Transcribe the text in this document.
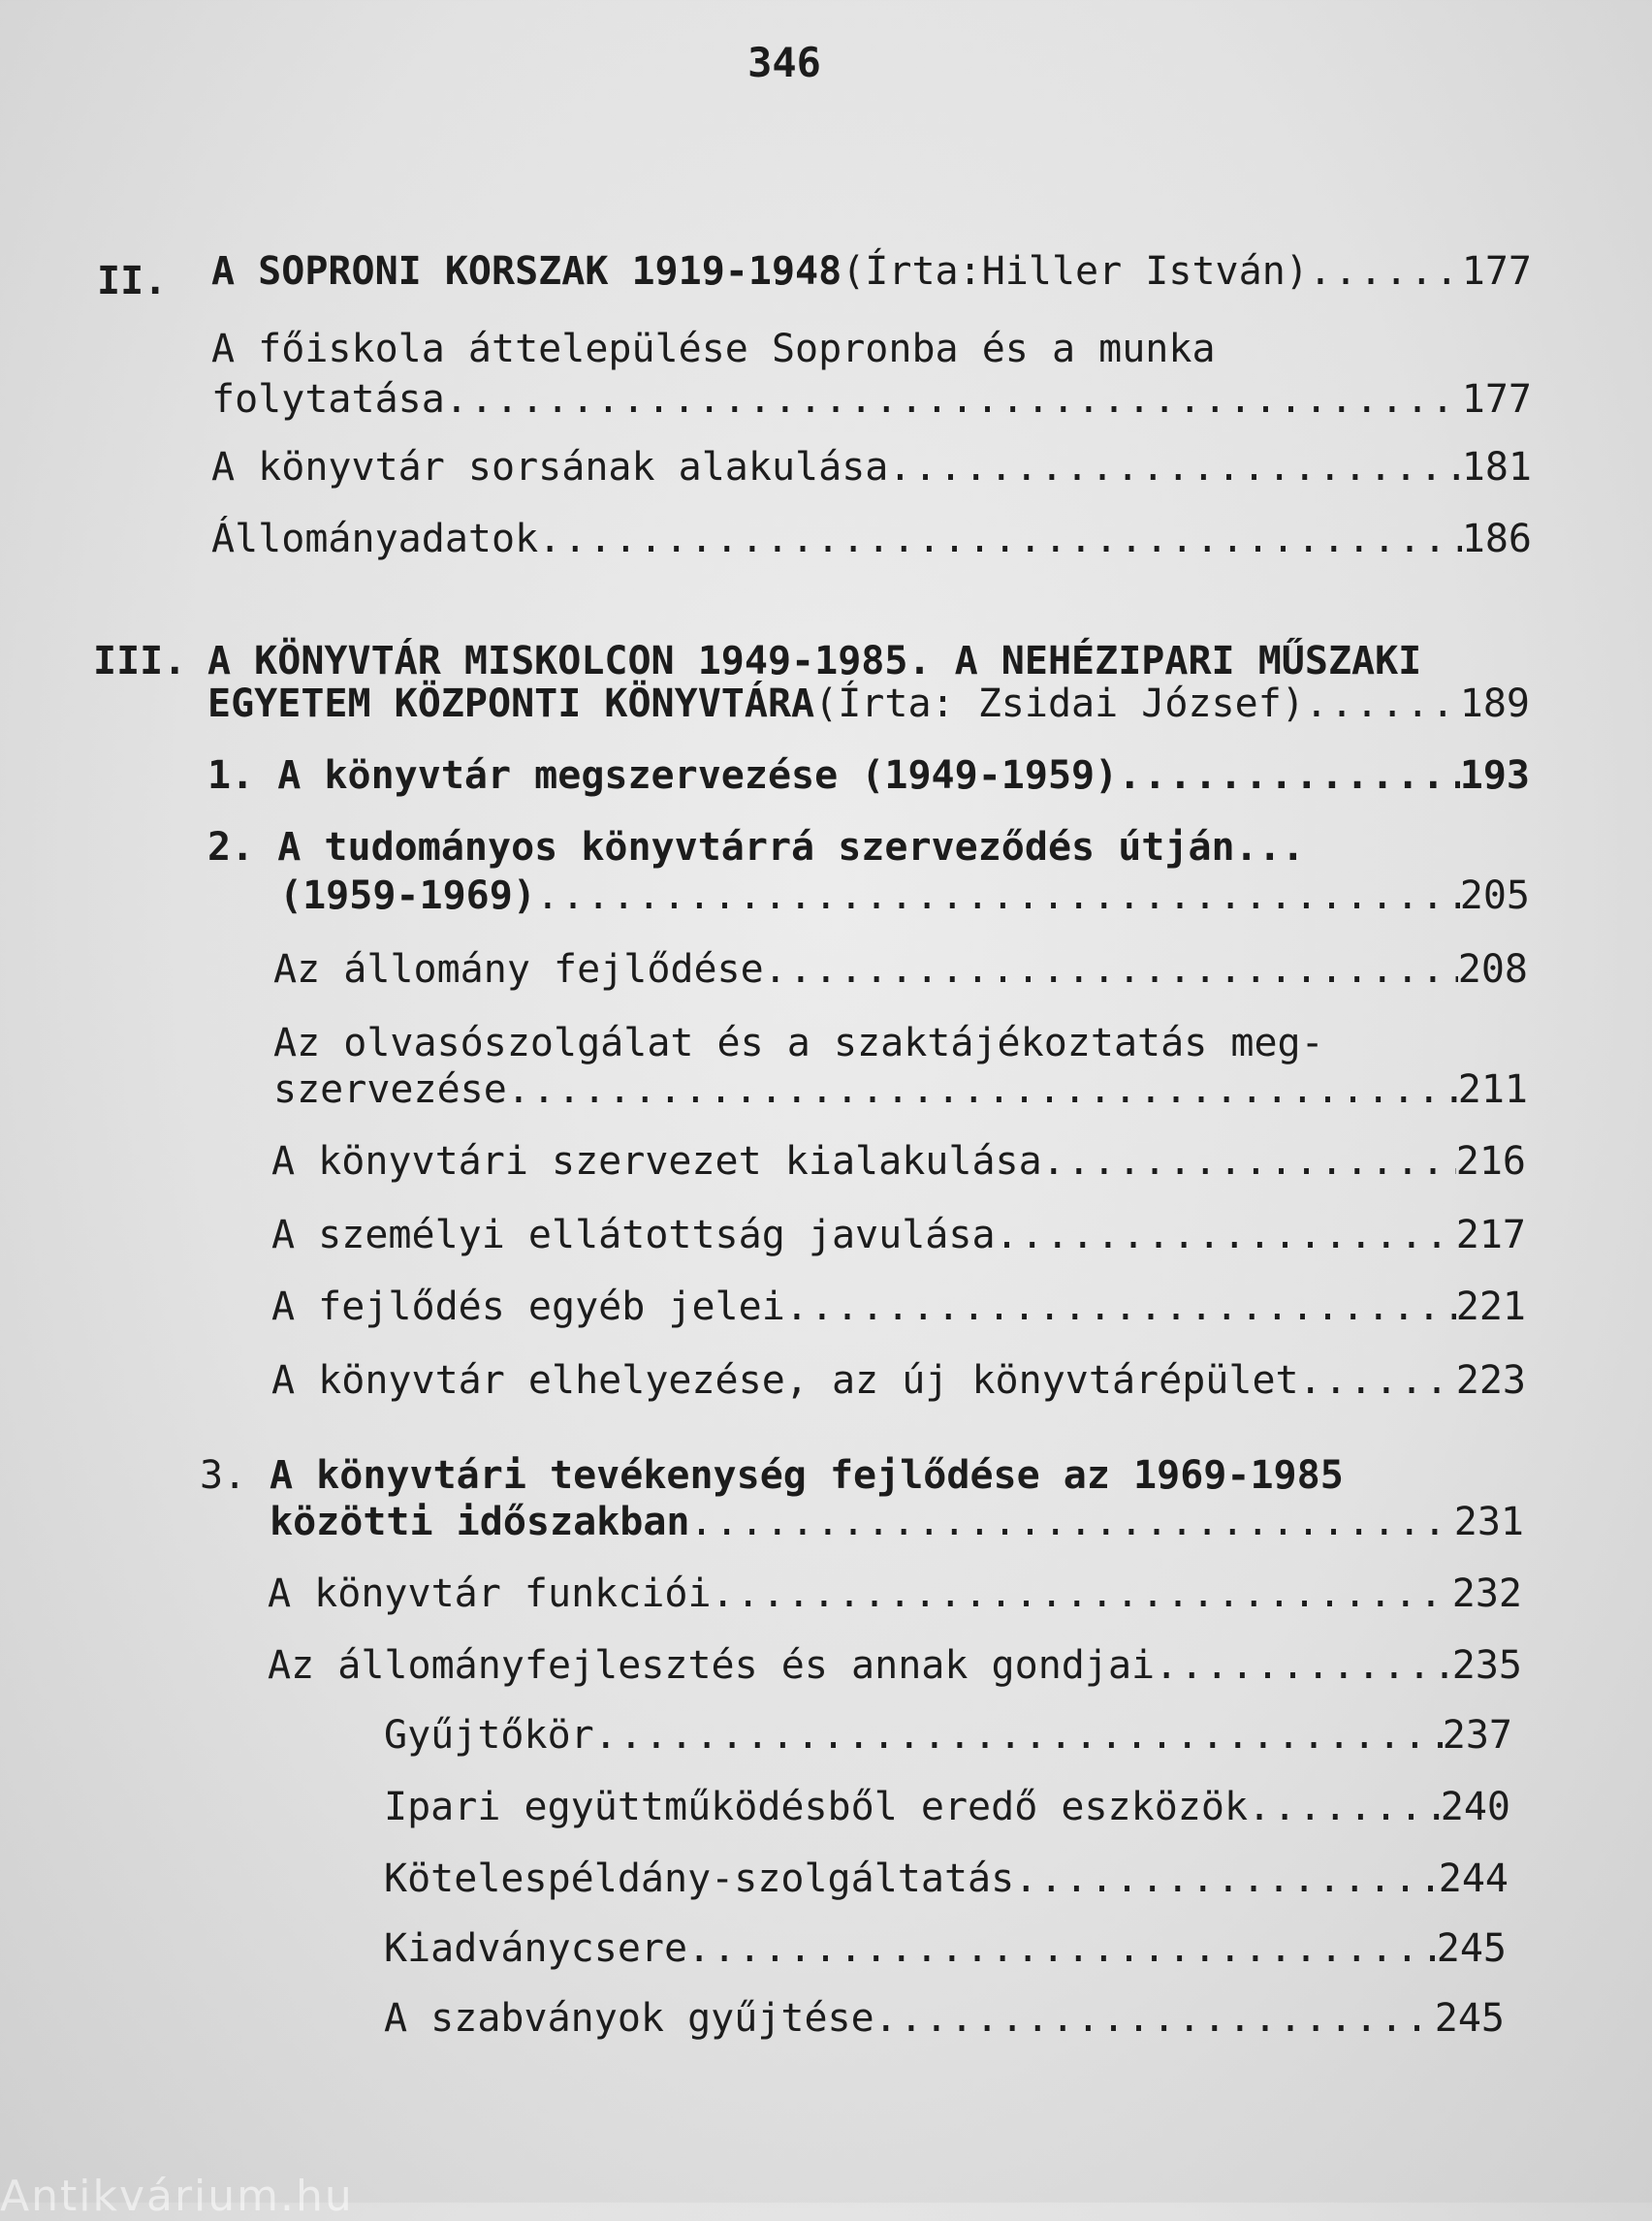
346
II. A SOPRONI KORSZAK 1919-1948 (Írta:Hiller István) .....	177
A főiskola áttelepülése Sopronba és a munka
folytatása .....	177
A könyvtár sorsának alakulása .....	181
Állományadatok .....	186
III. A KÖNYVTÁR MISKOLCON 1949-1985. A NEHÉZIPARI MŰSZAKI
EGYETEM KÖZPONTI KÖNYVTÁRA (Írta: Zsidai József) .....	189
1. A könyvtár megszervezése (1949-1959) .....	193
2. A tudományos könyvtárrá szerveződés útján...
(1959-1969) .....	205
Az állomány fejlődése .....	208
Az olvasószolgálat és a szaktájékoztatás meg-
szervezése .....	211
A könyvtári szervezet kialakulása .....	216
A személyi ellátottság javulása .....	217
A fejlődés egyéb jelei .....	221
A könyvtár elhelyezése, az új könyvtárépület .....	223
3. A könyvtári tevékenység fejlődése az 1969-1985
közötti időszakban .....	231
A könyvtár funkciói .....	232
Az állományfejlesztés és annak gondjai .....	235
Gyűjtőkör .....	237
Ipari együttműködésből eredő eszközök .....	240
Kötelespéldány-szolgáltatás .....	244
Kiadványcsere .....	245
A szabványok gyűjtése .....	245
Antikvárium.hu
